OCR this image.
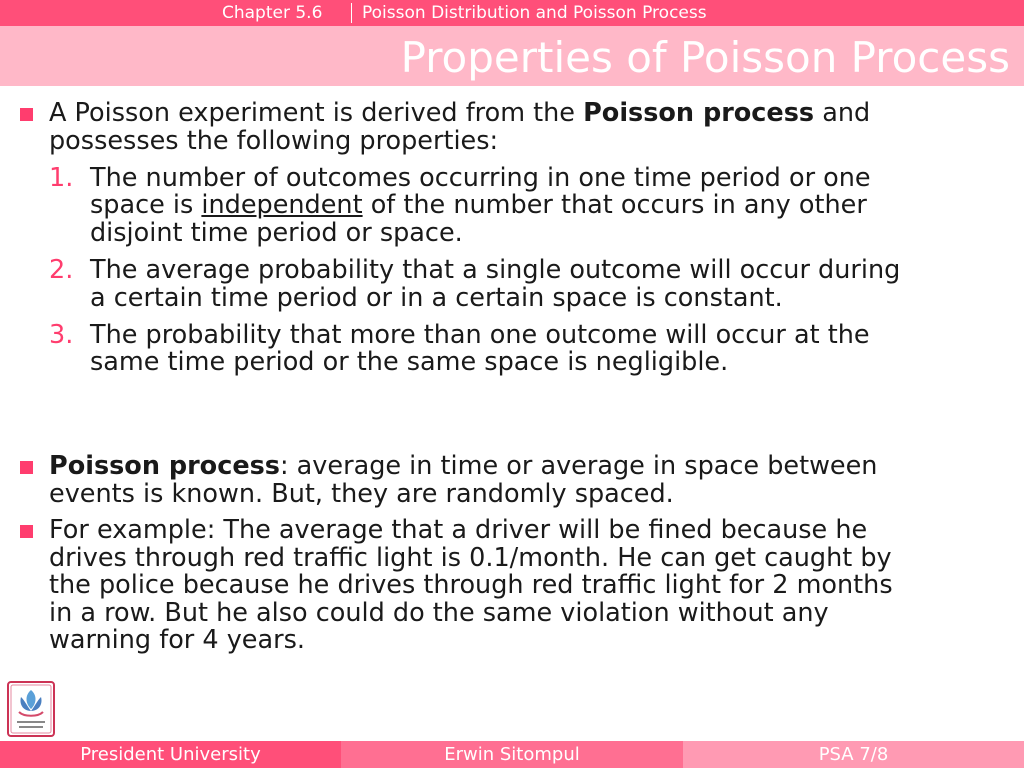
Chapter 5.6 Poisson Distribution and Poisson Process
Properties of Poisson Process
A Poisson experiment is derived from the Poisson process and
possesses the following properties:
1. The number of outcomes occurring in one time period or one
space is independent of the number that occurs in any other
disjoint time period or space.
2. The average probability that a single outcome will occur during
a certain time period or in a certain space is constant.
3. The probability that more than one outcome will occur at the
same time period or the same space is negligible.
Poisson process: average in time or average in space between
events is known. But, they are randomly spaced.
For example: The average that a driver will be fined because he
drives through red traffic light is 0.1/month. He can get caught by
the police because he drives through red traffic light for 2 months
in a row. But he also could do the same violation without any
warning for 4 years.
President University	Erwin Sitompul	PSA 7/8
